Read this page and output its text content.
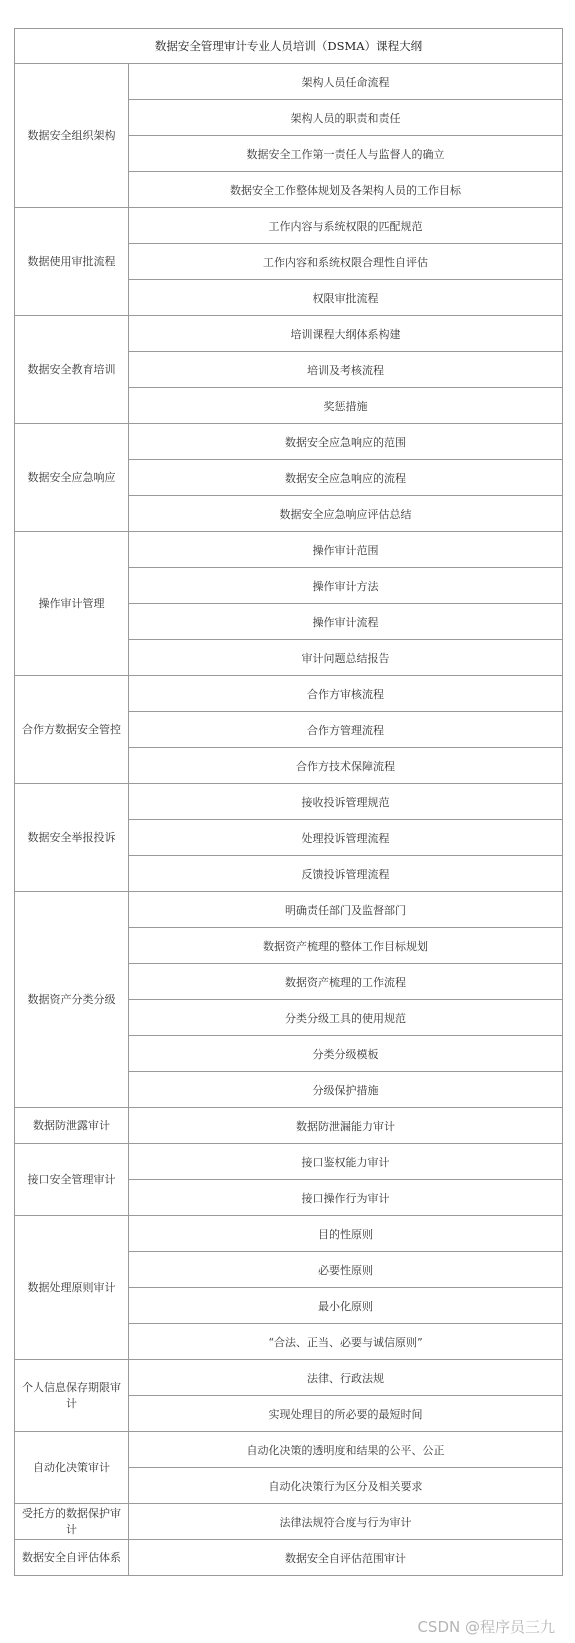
数据安全管理审计专业人员培训（DSMA）课程大纲	
数据安全组织架构	架构人员任命流程
	架构人员的职责和责任
	数据安全工作第一责任人与监督人的确立
	数据安全工作整体规划及各架构人员的工作目标
数据使用审批流程	工作内容与系统权限的匹配规范
	工作内容和系统权限合理性自评估
	权限审批流程
数据安全教育培训	培训课程大纲体系构建
	培训及考核流程
	奖惩措施
数据安全应急响应	数据安全应急响应的范围
	数据安全应急响应的流程
	数据安全应急响应评估总结
操作审计管理	操作审计范围
	操作审计方法
	操作审计流程
	审计问题总结报告
合作方数据安全管控	合作方审核流程
	合作方管理流程
	合作方技术保障流程
数据安全举报投诉	接收投诉管理规范
	处理投诉管理流程
	反馈投诉管理流程
数据资产分类分级	明确责任部门及监督部门
	数据资产梳理的整体工作目标规划
	数据资产梳理的工作流程
	分类分级工具的使用规范
	分类分级模板
	分级保护措施
数据防泄露审计	数据防泄漏能力审计
接口安全管理审计	接口鉴权能力审计
	接口操作行为审计
数据处理原则审计	目的性原则
	必要性原则
	最小化原则
	“合法、正当、必要与诚信原则”
个人信息保存期限审计	法律、行政法规
	实现处理目的所必要的最短时间
自动化决策审计	自动化决策的透明度和结果的公平、公正
	自动化决策行为区分及相关要求
受托方的数据保护审计	法律法规符合度与行为审计
数据安全自评估体系	数据安全自评估范围审计
CSDN @程序员三九
